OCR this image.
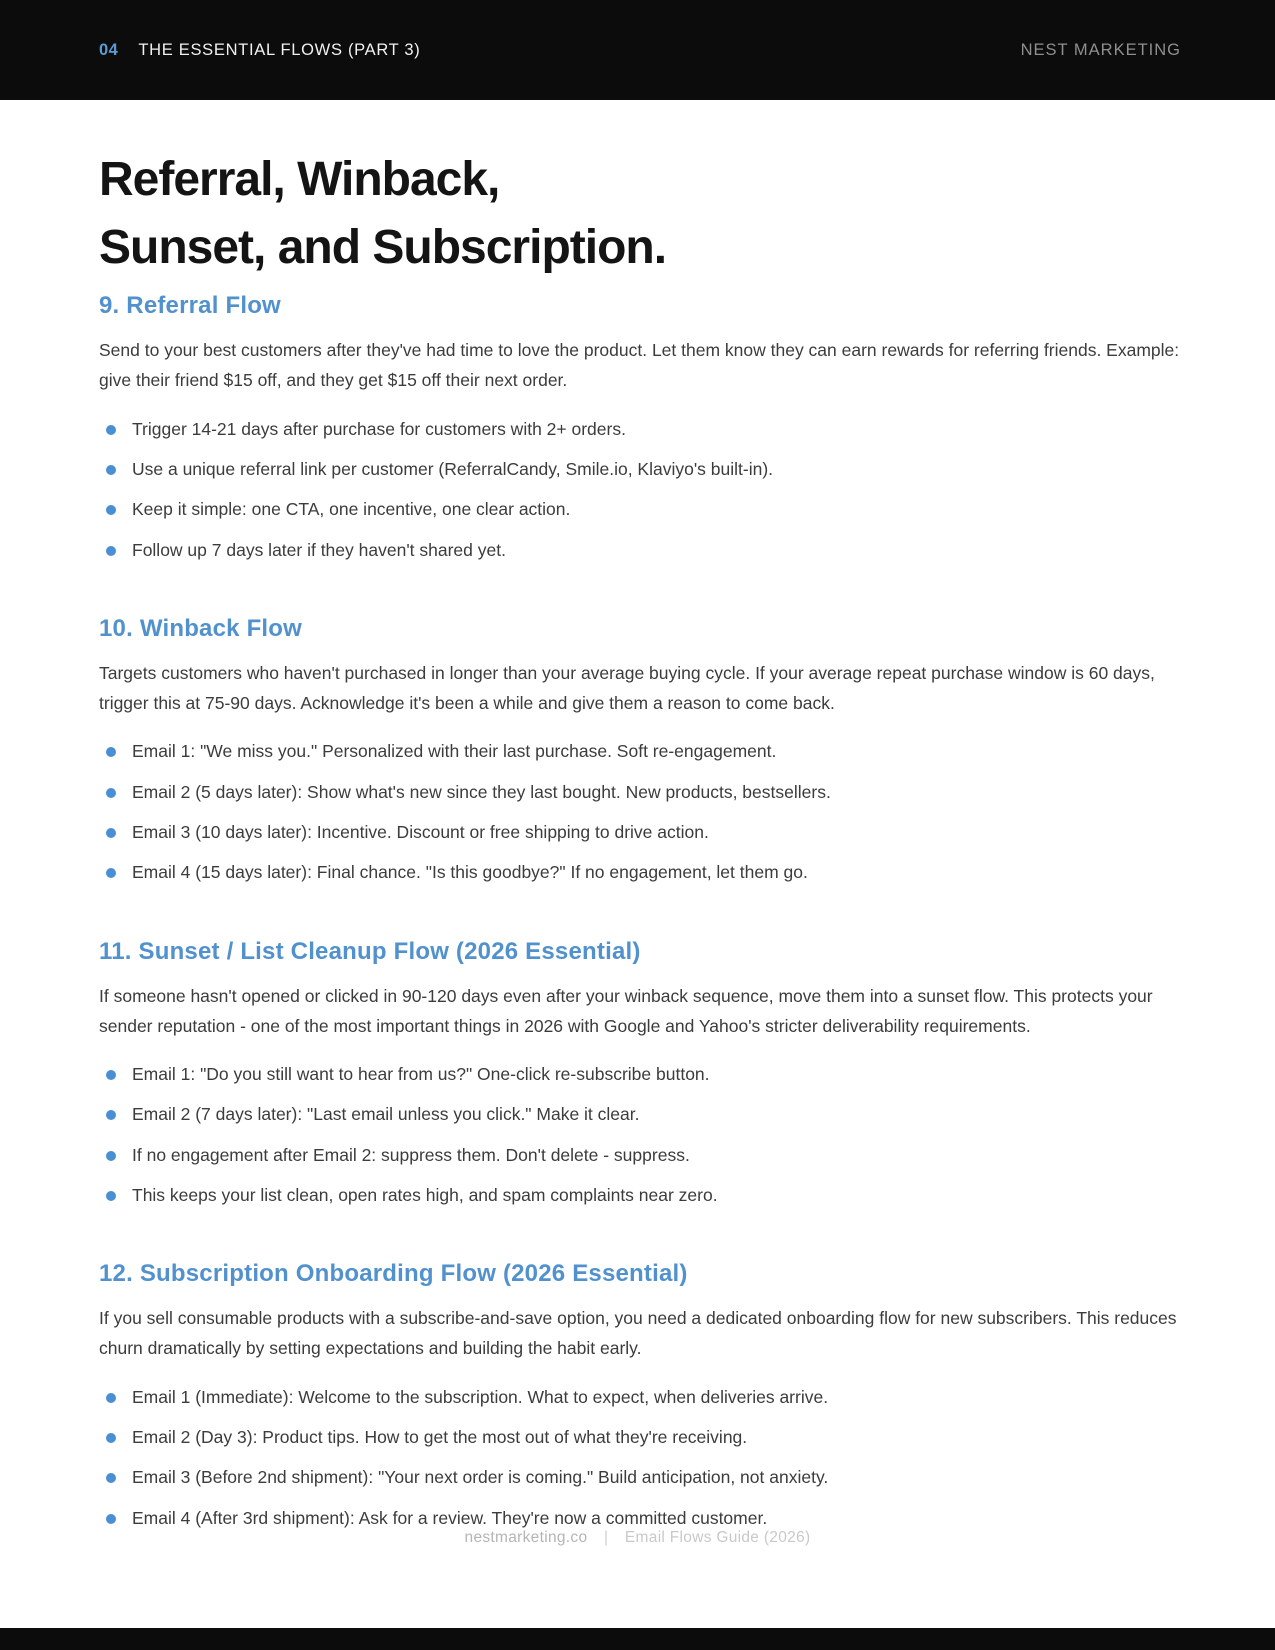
04 THE ESSENTIAL FLOWS (PART 3)	NEST MARKETING
Referral, Winback,
Sunset, and Subscription.
9. Referral Flow

Send to your best customers after they've had time to love the product. Let them know they can earn rewards for referring friends. Example: give their friend $15 off, and they get $15 off their next order.

Trigger 14-21 days after purchase for customers with 2+ orders.
Use a unique referral link per customer (ReferralCandy, Smile.io, Klaviyo's built-in).
Keep it simple: one CTA, one incentive, one clear action.
Follow up 7 days later if they haven't shared yet.
10. Winback Flow

Targets customers who haven't purchased in longer than your average buying cycle. If your average repeat purchase window is 60 days, trigger this at 75-90 days. Acknowledge it's been a while and give them a reason to come back.

Email 1: "We miss you." Personalized with their last purchase. Soft re-engagement.
Email 2 (5 days later): Show what's new since they last bought. New products, bestsellers.
Email 3 (10 days later): Incentive. Discount or free shipping to drive action.
Email 4 (15 days later): Final chance. "Is this goodbye?" If no engagement, let them go.
11. Sunset / List Cleanup Flow (2026 Essential)

If someone hasn't opened or clicked in 90-120 days even after your winback sequence, move them into a sunset flow. This protects your sender reputation - one of the most important things in 2026 with Google and Yahoo's stricter deliverability requirements.

Email 1: "Do you still want to hear from us?" One-click re-subscribe button.
Email 2 (7 days later): "Last email unless you click." Make it clear.
If no engagement after Email 2: suppress them. Don't delete - suppress.
This keeps your list clean, open rates high, and spam complaints near zero.
12. Subscription Onboarding Flow (2026 Essential)

If you sell consumable products with a subscribe-and-save option, you need a dedicated onboarding flow for new subscribers. This reduces churn dramatically by setting expectations and building the habit early.

Email 1 (Immediate): Welcome to the subscription. What to expect, when deliveries arrive.
Email 2 (Day 3): Product tips. How to get the most out of what they're receiving.
Email 3 (Before 2nd shipment): "Your next order is coming." Build anticipation, not anxiety.
Email 4 (After 3rd shipment): Ask for a review. They're now a committed customer.
nestmarketing.co | Email Flows Guide (2026)
